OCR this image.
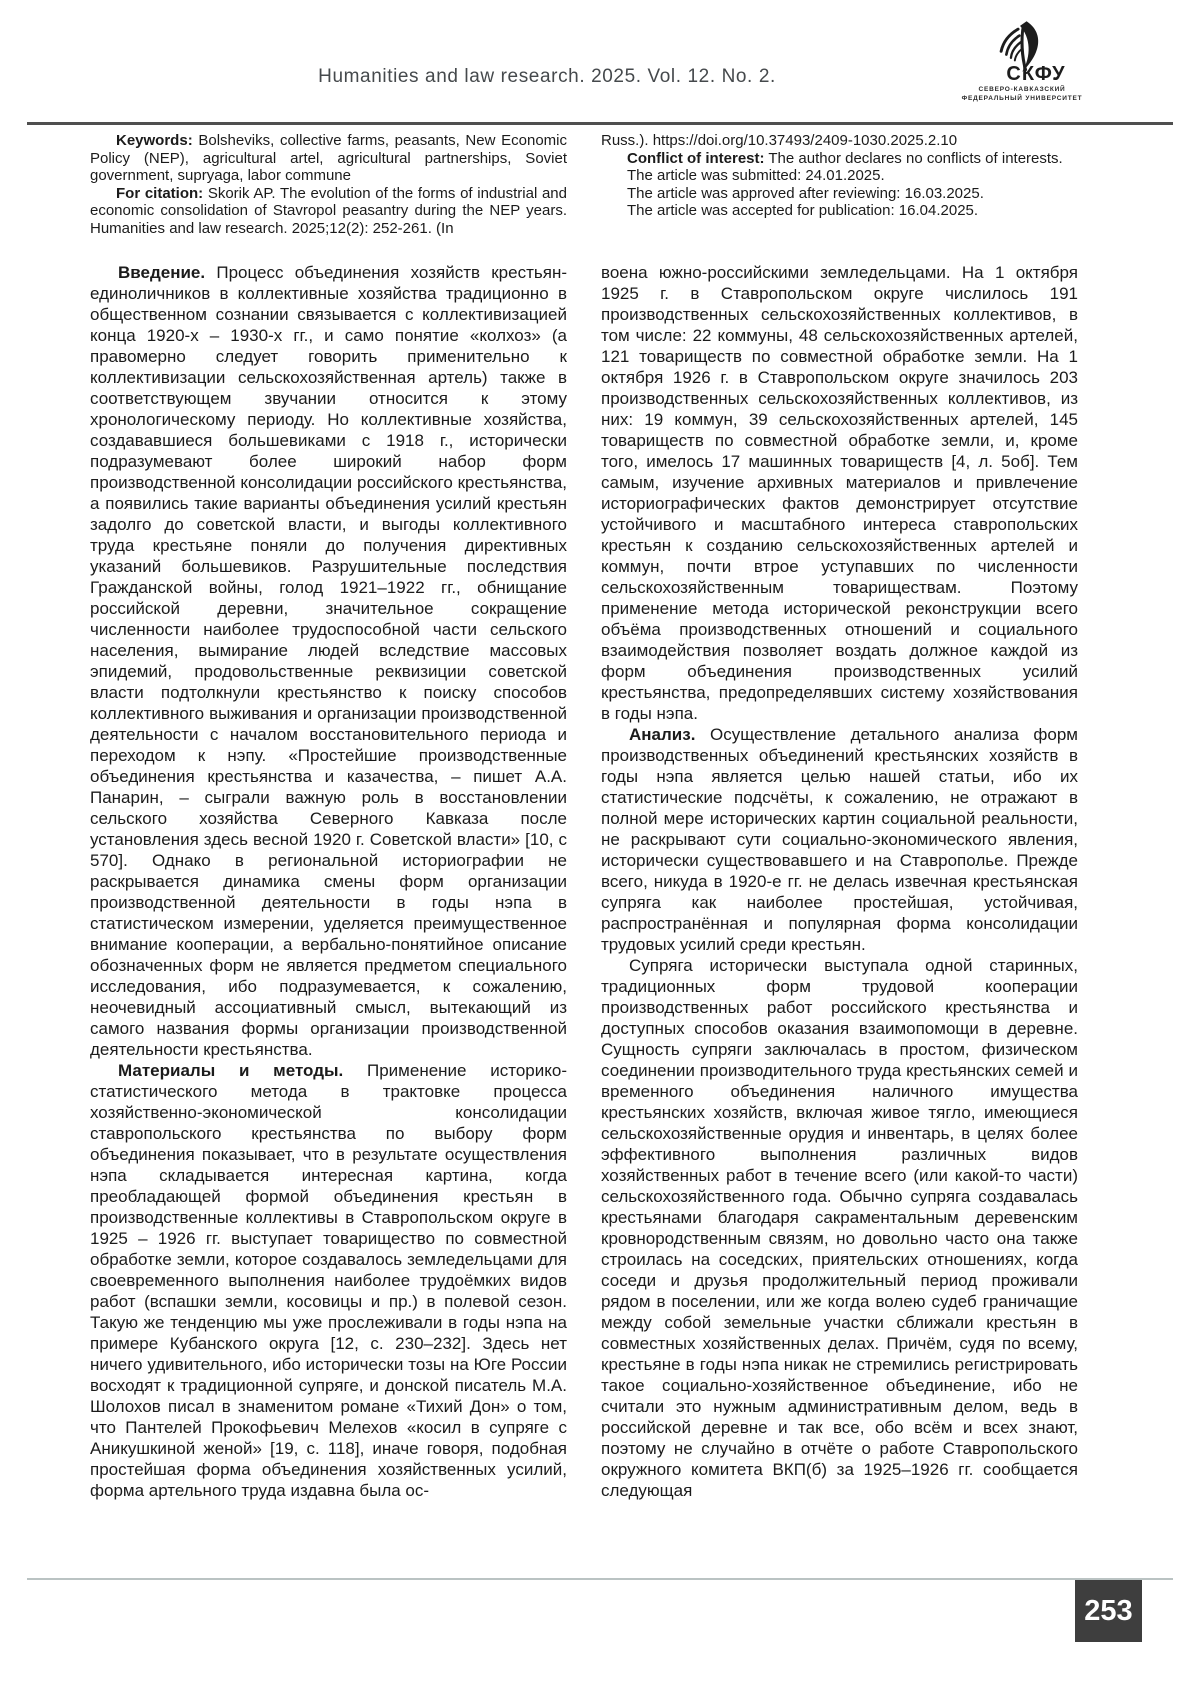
Humanities and law research. 2025. Vol. 12. No. 2.	СКФУ
СЕВЕРО-КАВКАЗСКИЙ
ФЕДЕРАЛЬНЫЙ УНИВЕРСИТЕТ

Keywords: Bolsheviks, collective farms, peasants, New Economic Policy (NEP), agricultural artel, agricultural partnerships, Soviet government, supryaga, labor commune

For citation: Skorik AP. The evolution of the forms of industrial and economic consolidation of Stavropol peasantry during the NEP years. Humanities and law research. 2025;12(2): 252-261. (In

Russ.). https://doi.org/10.37493/2409-1030.2025.2.10

Conflict of interest: The author declares no conflicts of interests.

The article was submitted: 24.01.2025.

The article was approved after reviewing: 16.03.2025.

The article was accepted for publication: 16.04.2025.

Введение. Процесс объединения хозяйств крестьян-единоличников в коллективные хозяйства традиционно в общественном сознании связывается с коллективизацией конца 1920-х – 1930-х гг., и само понятие «колхоз» (а правомерно следует говорить применительно к коллективизации сельскохозяйственная артель) также в соответствующем звучании относится к этому хронологическому периоду. Но коллективные хозяйства, создававшиеся большевиками с 1918 г., исторически подразумевают более широкий набор форм производственной консолидации российского крестьянства, а появились такие варианты объединения усилий крестьян задолго до советской власти, и выгоды коллективного труда крестьяне поняли до получения директивных указаний большевиков. Разрушительные последствия Гражданской войны, голод 1921–1922 гг., обнищание российской деревни, значительное сокращение численности наиболее трудоспособной части сельского населения, вымирание людей вследствие массовых эпидемий, продовольственные реквизиции советской власти подтолкнули крестьянство к поиску способов коллективного выживания и организации производственной деятельности с началом восстановительного периода и переходом к нэпу. «Простейшие производственные объединения крестьянства и казачества, – пишет А.А. Панарин, – сыграли важную роль в восстановлении сельского хозяйства Северного Кавказа после установления здесь весной 1920 г. Советской власти» [10, с 570]. Однако в региональной историографии не раскрывается динамика смены форм организации производственной деятельности в годы нэпа в статистическом измерении, уделяется преимущественное внимание кооперации, а вербально-понятийное описание обозначенных форм не является предметом специального исследования, ибо подразумевается, к сожалению, неочевидный ассоциативный смысл, вытекающий из самого названия формы организации производственной деятельности крестьянства.

Материалы и методы. Применение историко-статистического метода в трактовке процесса хозяйственно-экономической консолидации ставропольского крестьянства по выбору форм объединения показывает, что в результате осуществления нэпа складывается интересная картина, когда преобладающей формой объединения крестьян в производственные коллективы в Ставропольском округе в 1925 – 1926 гг. выступает товарищество по совместной обработке земли, которое создавалось земледельцами для своевременного выполнения наиболее трудоёмких видов работ (вспашки земли, косовицы и пр.) в полевой сезон. Такую же тенденцию мы уже прослеживали в годы нэпа на примере Кубанского округа [12, с. 230–232]. Здесь нет ничего удивительного, ибо исторически тозы на Юге России восходят к традиционной супряге, и донской писатель М.А. Шолохов писал в знаменитом романе «Тихий Дон» о том, что Пантелей Прокофьевич Мелехов «косил в супряге с Аникушкиной женой» [19, с. 118], иначе говоря, подобная простейшая форма объединения хозяйственных усилий, форма артельного труда издавна была ос-

воена южно-российскими земледельцами. На 1 октября 1925 г. в Ставропольском округе числилось 191 производственных сельскохозяйственных коллективов, в том числе: 22 коммуны, 48 сельскохозяйственных артелей, 121 товариществ по совместной обработке земли. На 1 октября 1926 г. в Ставропольском округе значилось 203 производственных сельскохозяйственных коллективов, из них: 19 коммун, 39 сельскохозяйственных артелей, 145 товариществ по совместной обработке земли, и, кроме того, имелось 17 машинных товариществ [4, л. 5об]. Тем самым, изучение архивных материалов и привлечение историографических фактов демонстрирует отсутствие устойчивого и масштабного интереса ставропольских крестьян к созданию сельскохозяйственных артелей и коммун, почти втрое уступавших по численности сельскохозяйственным товариществам. Поэтому применение метода исторической реконструкции всего объёма производственных отношений и социального взаимодействия позволяет воздать должное каждой из форм объединения производственных усилий крестьянства, предопределявших систему хозяйствования в годы нэпа.

Анализ. Осуществление детального анализа форм производственных объединений крестьянских хозяйств в годы нэпа является целью нашей статьи, ибо их статистические подсчёты, к сожалению, не отражают в полной мере исторических картин социальной реальности, не раскрывают сути социально-экономического явления, исторически существовавшего и на Ставрополье. Прежде всего, никуда в 1920-е гг. не делась извечная крестьянская супряга как наиболее простейшая, устойчивая, распространённая и популярная форма консолидации трудовых усилий среди крестьян.

Супряга исторически выступала одной старинных, традиционных форм трудовой кооперации производственных работ российского крестьянства и доступных способов оказания взаимопомощи в деревне. Сущность супряги заключалась в простом, физическом соединении производительного труда крестьянских семей и временного объединения наличного имущества крестьянских хозяйств, включая живое тягло, имеющиеся сельскохозяйственные орудия и инвентарь, в целях более эффективного выполнения различных видов хозяйственных работ в течение всего (или какой-то части) сельскохозяйственного года. Обычно супряга создавалась крестьянами благодаря сакраментальным деревенским кровнородственным связям, но довольно часто она также строилась на соседских, приятельских отношениях, когда соседи и друзья продолжительный период проживали рядом в поселении, или же когда волею судеб граничащие между собой земельные участки сближали крестьян в совместных хозяйственных делах. Причём, судя по всему, крестьяне в годы нэпа никак не стремились регистрировать такое социально-хозяйственное объединение, ибо не считали это нужным административным делом, ведь в российской деревне и так все, обо всём и всех знают, поэтому не случайно в отчёте о работе Ставропольского окружного комитета ВКП(б) за 1925–1926 гг. сообщается следующая

253
